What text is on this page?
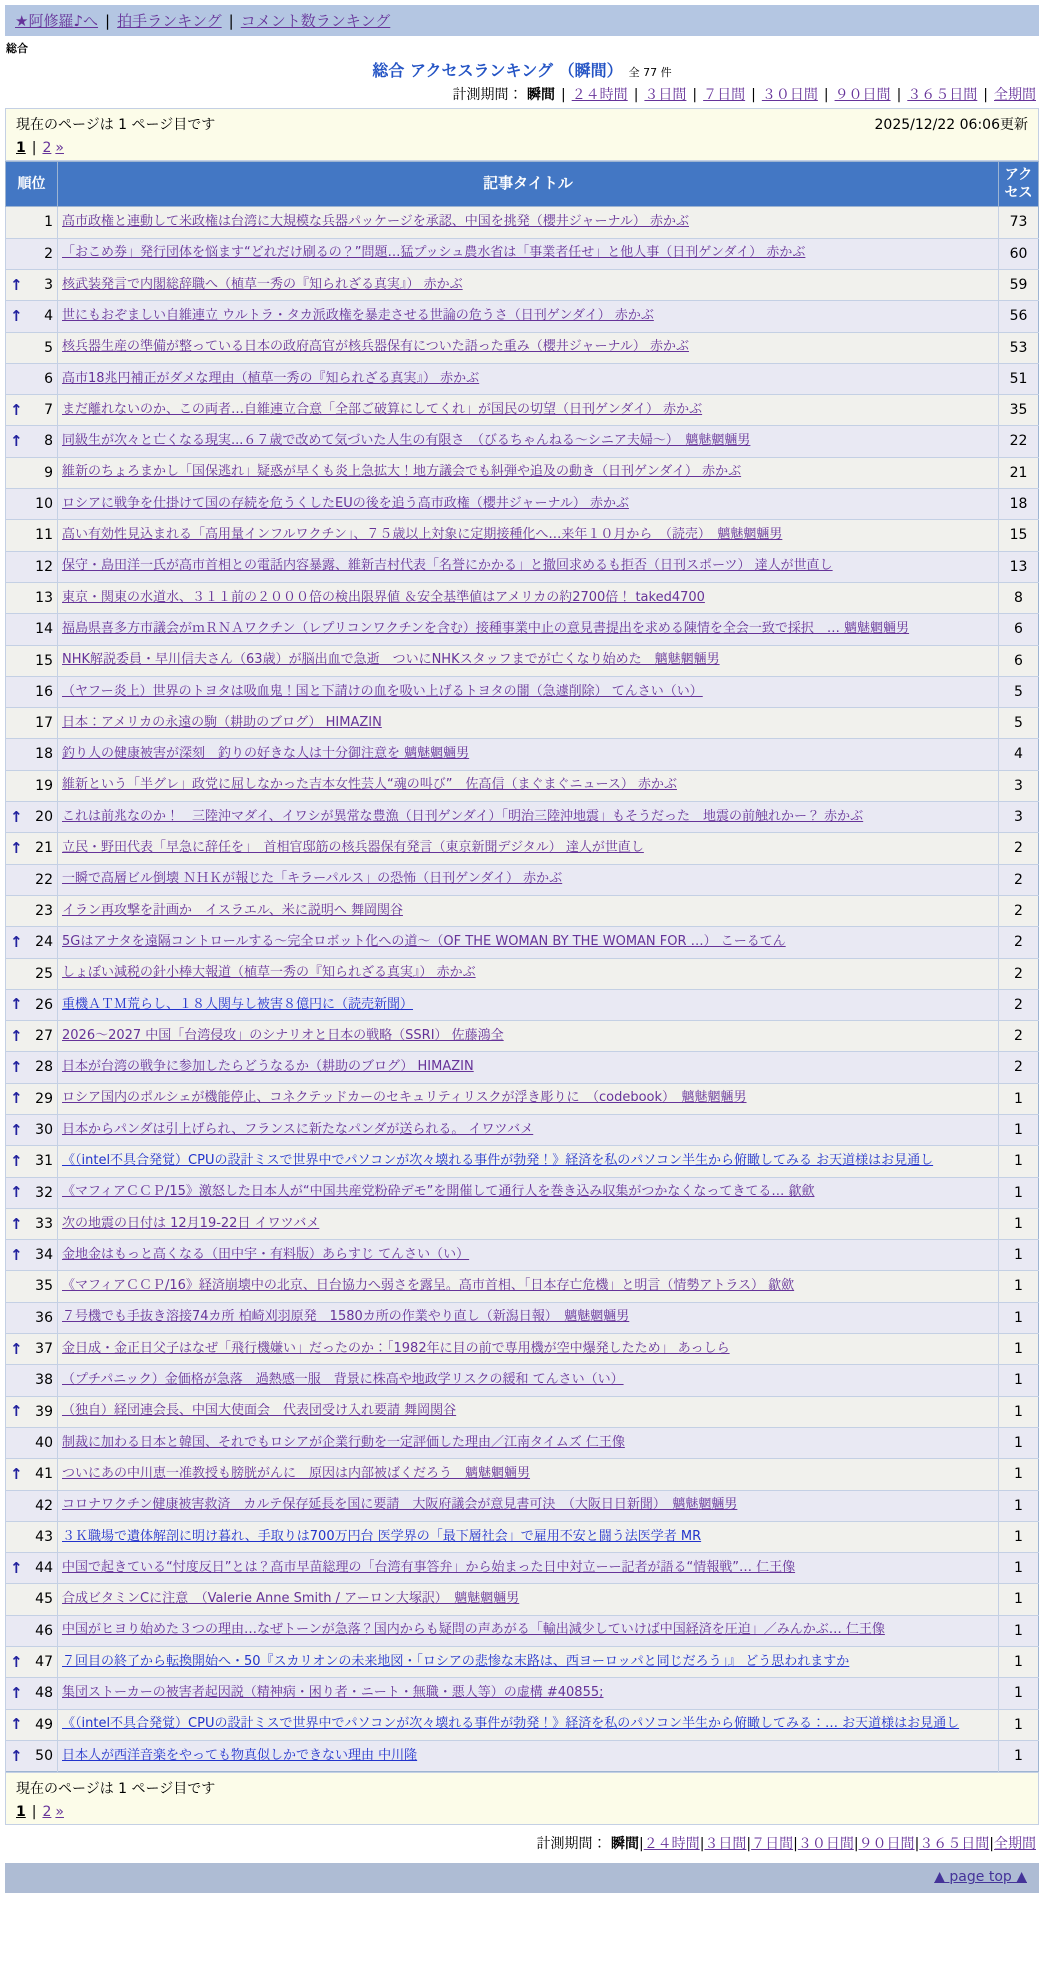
★阿修羅♪へ | 拍手ランキング | コメント数ランキング
総合
総合 アクセスランキング （瞬間） 全 77 件
計測期間： 瞬間 | ２４時間 | ３日間 | ７日間 | ３０日間 | ９０日間 | ３６５日間 | 全期間
現在のページは 1 ページ目です	2025/12/22 06:06更新
1 | 2 »
順位	記事タイトル	アクセス

1	高市政権と連動して米政権は台湾に大規模な兵器パッケージを承認、中国を挑発（櫻井ジャーナル） 赤かぶ	73

2	「おこめ券」発行団体を悩ます“どれだけ刷るの？”問題…猛プッシュ農水省は「事業者任せ」と他人事（日刊ゲンダイ） 赤かぶ	60

↑ 3	核武装発言で内閣総辞職へ（植草一秀の『知られざる真実』） 赤かぶ	59

↑ 4	世にもおぞましい自維連立 ウルトラ・タカ派政権を暴走させる世論の危うさ（日刊ゲンダイ） 赤かぶ	56

5	核兵器生産の準備が整っている日本の政府高官が核兵器保有についた語った重み（櫻井ジャーナル） 赤かぶ	53

6	高市18兆円補正がダメな理由（植草一秀の『知られざる真実』） 赤かぶ	51

↑ 7	まだ離れないのか、この両者…自維連立合意「全部ご破算にしてくれ」が国民の切望（日刊ゲンダイ） 赤かぶ	35

↑ 8	同級生が次々と亡くなる現実...６７歳で改めて気づいた人生の有限さ　（びるちゃんねる～シニア夫婦～）　魑魅魍魎男	22

9	維新のちょろまかし「国保逃れ」疑惑が早くも炎上急拡大！地方議会でも糾弾や追及の動き（日刊ゲンダイ） 赤かぶ	21

10	ロシアに戦争を仕掛けて国の存続を危うくしたEUの後を追う高市政権（櫻井ジャーナル） 赤かぶ	18

11	高い有効性見込まれる「高用量インフルワクチン」、７５歳以上対象に定期接種化へ…来年１０月から　（読売）　魑魅魍魎男	15

12	保守・島田洋一氏が高市首相との電話内容暴露、維新吉村代表「名誉にかかる」と撤回求めるも拒否（日刊スポーツ） 達人が世直し	13

13	東京・関東の水道水、３１１前の２０００倍の検出限界値 ＆安全基準値はアメリカの約2700倍！ taked4700	8

14	福島県喜多方市議会がｍＲＮＡワクチン（レプリコンワクチンを含む）接種事業中止の意見書提出を求める陳情を全会一致で採択　… 魑魅魍魎男	6

15	NHK解説委員・早川信夫さん（63歳）が脳出血で急逝　ついにNHKスタッフまでが亡くなり始めた　魑魅魍魎男	6

16	（ヤフー炎上）世界のトヨタは吸血鬼！国と下請けの血を吸い上げるトヨタの闇（急遽削除） てんさい（い）	5

17	日本：アメリカの永遠の駒（耕助のブログ） HIMAZIN	5

18	釣り人の健康被害が深刻　釣りの好きな人は十分御注意を 魑魅魍魎男	4

19	維新という「半グレ」政党に屈しなかった吉本女性芸人“魂の叫び”　佐高信（まぐまぐニュース） 赤かぶ	3

↑ 20	これは前兆なのか！　三陸沖マダイ、イワシが異常な豊漁（日刊ゲンダイ）「明治三陸沖地震」もそうだった　地震の前触れかー？ 赤かぶ	3

↑ 21	立民・野田代表「早急に辞任を」　首相官邸筋の核兵器保有発言（東京新聞デジタル） 達人が世直し	2

22	一瞬で高層ビル倒壊 ＮＨＫが報じた「キラーパルス」の恐怖（日刊ゲンダイ） 赤かぶ	2

23	イラン再攻撃を計画か　イスラエル、米に説明へ 舞岡関谷	2

↑ 24	5Gはアナタを遠隔コントロールする～完全ロボット化への道～（OF THE WOMAN BY THE WOMAN FOR …） こーるてん	2

25	しょぼい減税の針小棒大報道（植草一秀の『知られざる真実』） 赤かぶ	2

↑ 26	重機ＡＴＭ荒らし、１８人関与し被害８億円に（読売新聞）	2

↑ 27	2026～2027 中国「台湾侵攻」のシナリオと日本の戦略（SSRI） 佐藤鴻全	2

↑ 28	日本が台湾の戦争に参加したらどうなるか（耕助のブログ） HIMAZIN	2

↑ 29	ロシア国内のポルシェが機能停止、コネクテッドカーのセキュリティリスクが浮き彫りに　（codebook）　魑魅魍魎男	1

↑ 30	日本からパンダは引上げられ、フランスに新たなパンダが送られる。 イワツバメ	1

↑ 31	《（intel不具合発覚）CPUの設計ミスで世界中でパソコンが次々壊れる事件が勃発！》経済を私のパソコン半生から俯瞰してみる お天道様はお見通し	1

↑ 32	《マフィアＣＣＰ/15》激怒した日本人が“中国共産党粉砕デモ”を開催して通行人を巻き込み収集がつかなくなってきてる… 歙歛	1

↑ 33	次の地震の日付は 12月19-22日 イワツバメ	1

↑ 34	金地金はもっと高くなる（田中宇・有料版）あらすじ てんさい（い）	1

35	《マフィアＣＣＰ/16》経済崩壊中の北京、日台協力へ弱さを露呈。高市首相、「日本存亡危機」と明言（情勢アトラス） 歙歛	1

36	７号機でも手抜き溶接74カ所 柏崎刈羽原発　1580カ所の作業やり直し（新潟日報）　魑魅魍魎男	1

↑ 37	金日成・金正日父子はなぜ「飛行機嫌い」だったのか：「1982年に目の前で専用機が空中爆発したため」 あっしら	1

38	（プチパニック）金価格が急落　過熱感一服　背景に株高や地政学リスクの緩和 てんさい（い）	1

↑ 39	（独自）経団連会長、中国大使面会　代表団受け入れ要請 舞岡関谷	1

40	制裁に加わる日本と韓国、それでもロシアが企業行動を一定評価した理由／江南タイムズ 仁王像	1

↑ 41	ついにあの中川恵一准教授も膀胱がんに　原因は内部被ばくだろう　魑魅魍魎男	1

42	コロナワクチン健康被害救済　カルテ保存延長を国に要請　大阪府議会が意見書可決　（大阪日日新聞）　魑魅魍魎男	1

43	３Ｋ職場で遺体解剖に明け暮れ、手取りは700万円台 医学界の「最下層社会」で雇用不安と闘う法医学者 MR	1

↑ 44	中国で起きている“忖度反日”とは？高市早苗総理の「台湾有事答弁」から始まった日中対立ーー記者が語る“情報戦”… 仁王像	1

45	合成ビタミンCに注意　（Valerie Anne Smith / アーロン大塚訳）　魑魅魍魎男	1

46	中国がヒヨり始めた３つの理由…なぜトーンが急落？国内からも疑問の声あがる「輸出減少していけば中国経済を圧迫」／みんかぶ… 仁王像	1

↑ 47	７回目の終了から転換開始へ・50『スカリオンの未来地図・「ロシアの悲惨な末路は、西ヨーロッパと同じだろう」』 どう思われますか	1

↑ 48	集団ストーカーの被害者起因説（精神病・困り者・ニート・無職・悪人等）の虚構 #40855;	1

↑ 49	《（intel不具合発覚）CPUの設計ミスで世界中でパソコンが次々壊れる事件が勃発！》経済を私のパソコン半生から俯瞰してみる：… お天道様はお見通し	1

↑ 50	日本人が西洋音楽をやっても物真似しかできない理由 中川隆	1
現在のページは 1 ページ目です
1 | 2 »
計測期間： 瞬間|２４時間|３日間|７日間|３０日間|９０日間|３６５日間|全期間
▲ page top ▲
